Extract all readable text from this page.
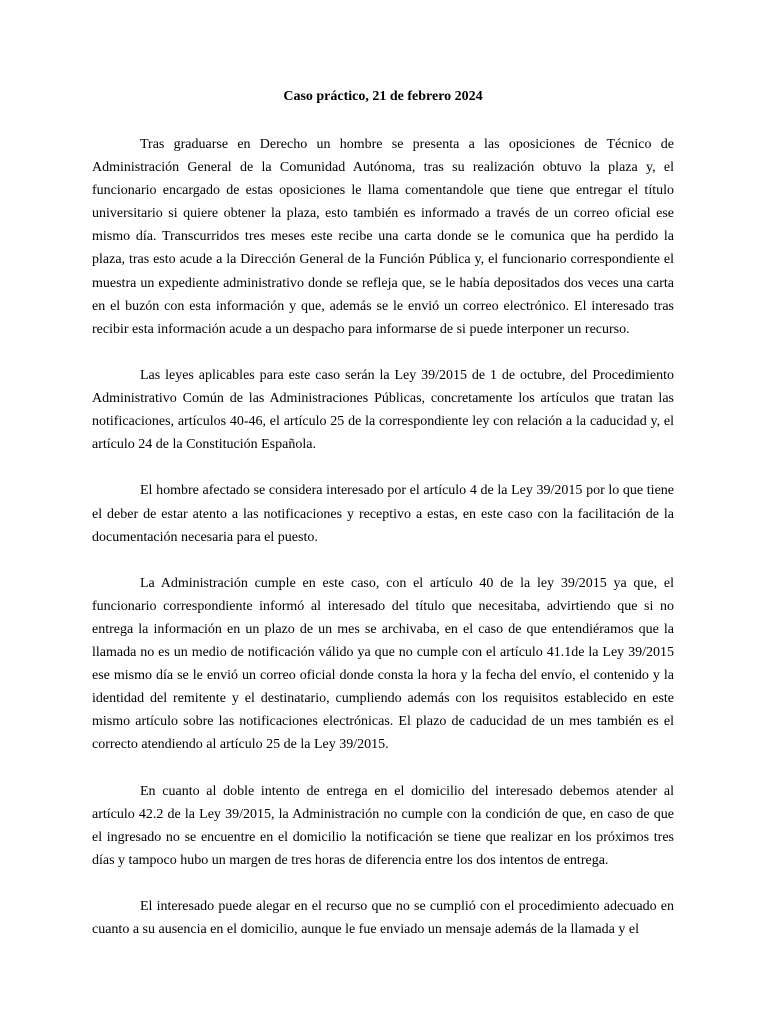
Caso práctico, 21 de febrero 2024

Tras graduarse en Derecho un hombre se presenta a las oposiciones de Técnico de Administración General de la Comunidad Autónoma, tras su realización obtuvo la plaza y, el funcionario encargado de estas oposiciones le llama comentandole que tiene que entregar el título universitario si quiere obtener la plaza, esto también es informado a través de un correo oficial ese mismo día. Transcurridos tres meses este recibe una carta donde se le comunica que ha perdido la plaza, tras esto acude a la Dirección General de la Función Pública y, el funcionario correspondiente el muestra un expediente administrativo donde se refleja que, se le había depositados dos veces una carta en el buzón con esta información y que, además se le envió un correo electrónico. El interesado tras recibir esta información acude a un despacho para informarse de si puede interponer un recurso.

Las leyes aplicables para este caso serán la Ley 39/2015 de 1 de octubre, del Procedimiento Administrativo Común de las Administraciones Públicas, concretamente los artículos que tratan las notificaciones, artículos 40-46, el artículo 25 de la correspondiente ley con relación a la caducidad y, el artículo 24 de la Constitución Española.

El hombre afectado se considera interesado por el artículo 4 de la Ley 39/2015 por lo que tiene el deber de estar atento a las notificaciones y receptivo a estas, en este caso con la facilitación de la documentación necesaria para el puesto.

La Administración cumple en este caso, con el artículo 40 de la ley 39/2015 ya que, el funcionario correspondiente informó al interesado del título que necesitaba, advirtiendo que si no entrega la información en un plazo de un mes se archivaba, en el caso de que entendiéramos que la llamada no es un medio de notificación válido ya que no cumple con el artículo 41.1de la Ley 39/2015 ese mismo día se le envió un correo oficial donde consta la hora y la fecha del envío, el contenido y la identidad del remitente y el destinatario, cumpliendo además con los requisitos establecido en este mismo artículo sobre las notificaciones electrónicas. El plazo de caducidad de un mes también es el correcto atendiendo al artículo 25 de la Ley 39/2015.

En cuanto al doble intento de entrega en el domicilio del interesado debemos atender al artículo 42.2 de la Ley 39/2015, la Administración no cumple con la condición de que, en caso de que el ingresado no se encuentre en el domicilio la notificación se tiene que realizar en los próximos tres días y tampoco hubo un margen de tres horas de diferencia entre los dos intentos de entrega.

El interesado puede alegar en el recurso que no se cumplió con el procedimiento adecuado en cuanto a su ausencia en el domicilio, aunque le fue enviado un mensaje además de la llamada y el
